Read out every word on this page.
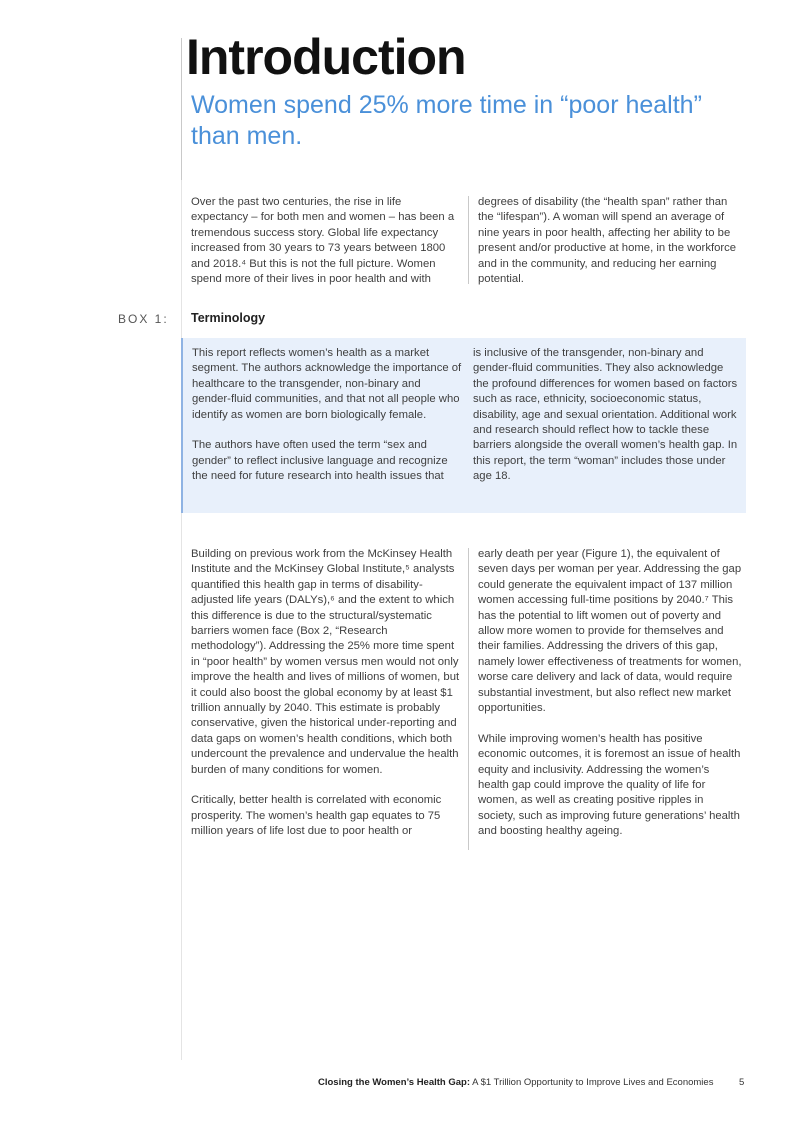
Introduction
Women spend 25% more time in “poor health” than men.

Over the past two centuries, the rise in life expectancy – for both men and women – has been a tremendous success story. Global life expectancy increased from 30 years to 73 years between 1800 and 2018.⁴ But this is not the full picture. Women spend more of their lives in poor health and with

degrees of disability (the “health span” rather than the “lifespan”). A woman will spend an average of nine years in poor health, affecting her ability to be present and/or productive at home, in the workforce and in the community, and reducing her earning potential.

BOX 1: Terminology

This report reflects women’s health as a market segment. The authors acknowledge the importance of healthcare to the transgender, non-binary and gender-fluid communities, and that not all people who identify as women are born biologically female.

The authors have often used the term “sex and gender” to reflect inclusive language and recognize the need for future research into health issues that

is inclusive of the transgender, non-binary and gender-fluid communities. They also acknowledge the profound differences for women based on factors such as race, ethnicity, socioeconomic status, disability, age and sexual orientation. Additional work and research should reflect how to tackle these barriers alongside the overall women’s health gap. In this report, the term “woman” includes those under age 18.

Building on previous work from the McKinsey Health Institute and the McKinsey Global Institute,⁵ analysts quantified this health gap in terms of disability-adjusted life years (DALYs),⁶ and the extent to which this difference is due to the structural/systematic barriers women face (Box 2, “Research methodology”). Addressing the 25% more time spent in “poor health” by women versus men would not only improve the health and lives of millions of women, but it could also boost the global economy by at least $1 trillion annually by 2040. This estimate is probably conservative, given the historical under-reporting and data gaps on women’s health conditions, which both undercount the prevalence and undervalue the health burden of many conditions for women.

Critically, better health is correlated with economic prosperity. The women’s health gap equates to 75 million years of life lost due to poor health or

early death per year (Figure 1), the equivalent of seven days per woman per year. Addressing the gap could generate the equivalent impact of 137 million women accessing full-time positions by 2040.⁷ This has the potential to lift women out of poverty and allow more women to provide for themselves and their families. Addressing the drivers of this gap, namely lower effectiveness of treatments for women, worse care delivery and lack of data, would require substantial investment, but also reflect new market opportunities.

While improving women’s health has positive economic outcomes, it is foremost an issue of health equity and inclusivity. Addressing the women’s health gap could improve the quality of life for women, as well as creating positive ripples in society, such as improving future generations’ health and boosting healthy ageing.

Closing the Women’s Health Gap: A $1 Trillion Opportunity to Improve Lives and Economies	5
